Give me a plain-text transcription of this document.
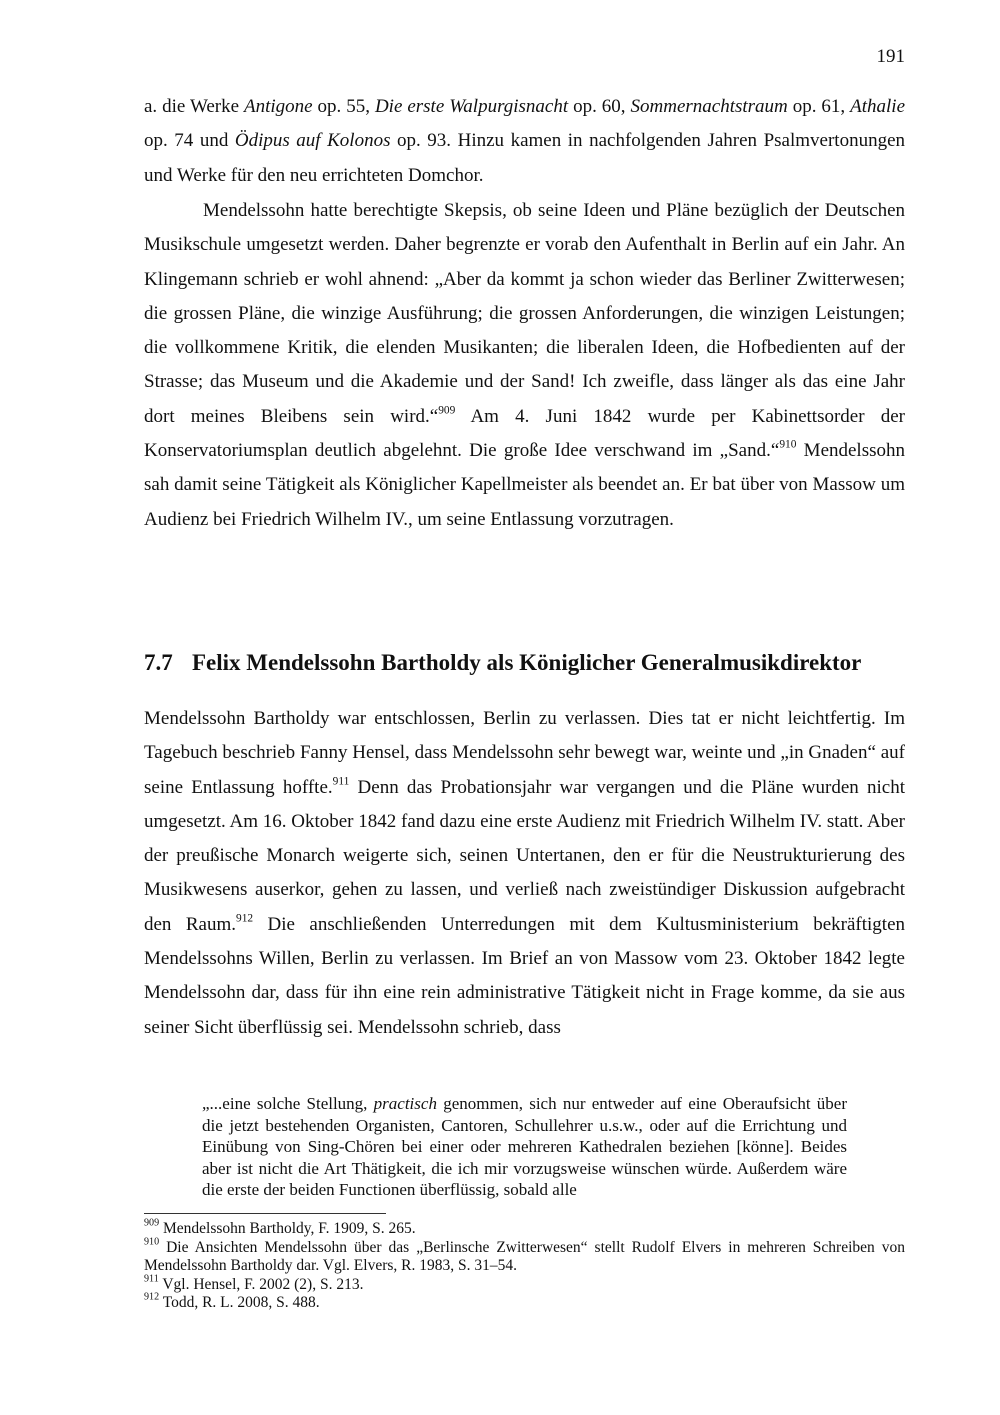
191

a. die Werke Antigone op. 55, Die erste Walpurgisnacht op. 60, Sommernachtstraum op. 61, Athalie op. 74 und Ödipus auf Kolonos op. 93. Hinzu kamen in nachfolgenden Jahren Psalmvertonungen und Werke für den neu errichteten Domchor.

Mendelssohn hatte berechtigte Skepsis, ob seine Ideen und Pläne bezüglich der Deutschen Musikschule umgesetzt werden. Daher begrenzte er vorab den Aufenthalt in Berlin auf ein Jahr. An Klingemann schrieb er wohl ahnend: „Aber da kommt ja schon wieder das Berliner Zwitterwesen; die grossen Pläne, die winzige Ausführung; die grossen Anforderungen, die winzigen Leistungen; die vollkommene Kritik, die elenden Musikanten; die liberalen Ideen, die Hofbedienten auf der Strasse; das Museum und die Akademie und der Sand! Ich zweifle, dass länger als das eine Jahr dort meines Bleibens sein wird.“$^{909}$ Am 4. Juni 1842 wurde per Kabinettsorder der Konservatoriumsplan deutlich abgelehnt. Die große Idee verschwand im „Sand.“$^{910}$ Mendelssohn sah damit seine Tätigkeit als Königlicher Kapellmeister als beendet an. Er bat über von Massow um Audienz bei Friedrich Wilhelm IV., um seine Entlassung vorzutragen.

7.7 Felix Mendelssohn Bartholdy als Königlicher Generalmusikdirektor

Mendelssohn Bartholdy war entschlossen, Berlin zu verlassen. Dies tat er nicht leichtfertig. Im Tagebuch beschrieb Fanny Hensel, dass Mendelssohn sehr bewegt war, weinte und „in Gnaden“ auf seine Entlassung hoffte.$^{911}$ Denn das Probationsjahr war vergangen und die Pläne wurden nicht umgesetzt. Am 16. Oktober 1842 fand dazu eine erste Audienz mit Friedrich Wilhelm IV. statt. Aber der preußische Monarch weigerte sich, seinen Untertanen, den er für die Neustrukturierung des Musikwesens auserkor, gehen zu lassen, und verließ nach zweistündiger Diskussion aufgebracht den Raum.$^{912}$ Die anschließenden Unterredungen mit dem Kultusministerium bekräftigten Mendelssohns Willen, Berlin zu verlassen. Im Brief an von Massow vom 23. Oktober 1842 legte Mendelssohn dar, dass für ihn eine rein administrative Tätigkeit nicht in Frage komme, da sie aus seiner Sicht überflüssig sei. Mendelssohn schrieb, dass

„...eine solche Stellung, practisch genommen, sich nur entweder auf eine Oberaufsicht über die jetzt bestehenden Organisten, Cantoren, Schullehrer u.s.w., oder auf die Errichtung und Einübung von Sing-Chören bei einer oder mehreren Kathedralen beziehen [könne]. Beides aber ist nicht die Art Thätigkeit, die ich mir vorzugsweise wünschen würde. Außerdem wäre die erste der beiden Functionen überflüssig, sobald alle

$^{909}$ Mendelssohn Bartholdy, F. 1909, S. 265.

$^{910}$ Die Ansichten Mendelssohn über das „Berlinsche Zwitterwesen“ stellt Rudolf Elvers in mehreren Schreiben von Mendelssohn Bartholdy dar. Vgl. Elvers, R. 1983, S. 31–54.

$^{911}$ Vgl. Hensel, F. 2002 (2), S. 213.

$^{912}$ Todd, R. L. 2008, S. 488.
